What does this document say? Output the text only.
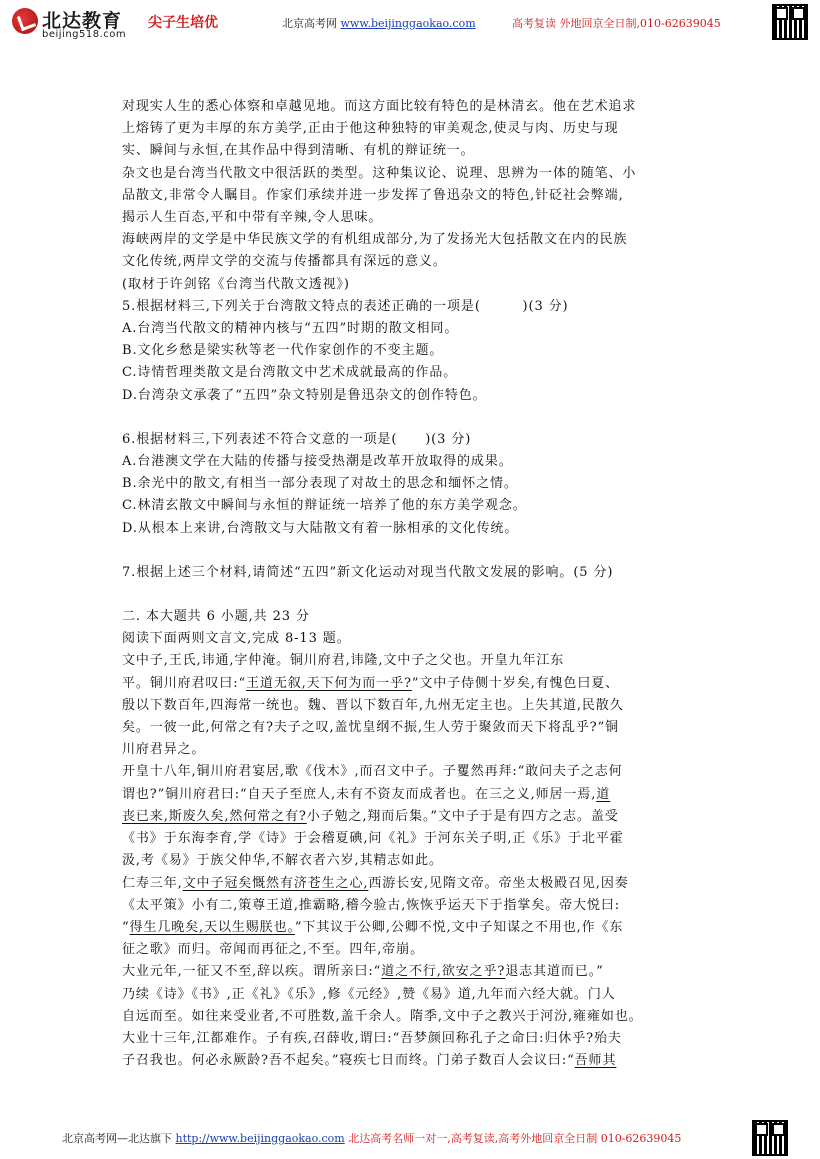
北达教育
beijing518.com
尖子生培优	北京高考网 www.beijinggaokao.com	高考复读 外地回京全日制,010-62639045

对现实人生的悉心体察和卓越见地。而这方面比较有特色的是林清玄。他在艺术追求

上熔铸了更为丰厚的东方美学,正由于他这种独特的审美观念,使灵与肉、历史与现

实、瞬间与永恒,在其作品中得到清晰、有机的辩证统一。

杂文也是台湾当代散文中很活跃的类型。这种集议论、说理、思辨为一体的随笔、小

品散文,非常令人瞩目。作家们承续并进一步发挥了鲁迅杂文的特色,针砭社会弊端,

揭示人生百态,平和中带有辛辣,令人思味。

海峡两岸的文学是中华民族文学的有机组成部分,为了发扬光大包括散文在内的民族

文化传统,两岸文学的交流与传播都具有深远的意义。

(取材于许剑铭《台湾当代散文透视》)

5.根据材料三,下列关于台湾散文特点的表述正确的一项是(　　　)(3 分)

A.台湾当代散文的精神内核与“五四”时期的散文相同。

B.文化乡愁是梁实秋等老一代作家创作的不变主题。

C.诗情哲理类散文是台湾散文中艺术成就最高的作品。

D.台湾杂文承袭了“五四”杂文特别是鲁迅杂文的创作特色。

6.根据材料三,下列表述不符合文意的一项是(　　)(3 分)

A.台港澳文学在大陆的传播与接受热潮是改革开放取得的成果。

B.余光中的散文,有相当一部分表现了对故土的思念和缅怀之情。

C.林清玄散文中瞬间与永恒的辩证统一培养了他的东方美学观念。

D.从根本上来讲,台湾散文与大陆散文有着一脉相承的文化传统。

7.根据上述三个材料,请简述“五四”新文化运动对现当代散文发展的影响。(5 分)

二. 本大题共 6 小题,共 23 分

阅读下面两则文言文,完成 8-13 题。

文中子,王氏,讳通,字仲淹。铜川府君,讳隆,文中子之父也。开皇九年江东

平。铜川府君叹曰:“王道无叙,天下何为而一乎?”文中子侍侧十岁矣,有愧色曰夏、

殷以下数百年,四海常一统也。魏、晋以下数百年,九州无定主也。上失其道,民散久

矣。一彼一此,何常之有?夫子之叹,盖忧皇纲不振,生人劳于聚敛而天下将乱乎?”铜

川府君异之。

开皇十八年,铜川府君宴居,歌《伐木》,而召文中子。子矍然再拜:“敢问夫子之志何

谓也?”铜川府君曰:“自天子至庶人,未有不资友而成者也。在三之义,师居一焉,道

丧已来,斯废久矣,然何常之有?小子勉之,翔而后集。”文中子于是有四方之志。盖受

《书》于东海李育,学《诗》于会稽夏碘,问《礼》于河东关子明,正《乐》于北平霍

汲,考《易》于族父仲华,不解衣者六岁,其精志如此。

仁寿三年,文中子冠矣慨然有济苍生之心,西游长安,见隋文帝。帝坐太极殿召见,因奏

《太平策》小有二,策尊王道,推霸略,稽今验古,恢恢乎运天下于指掌矣。帝大悦曰:

“得生几晚矣,天以生赐朕也。”下其议于公卿,公卿不悦,文中子知谋之不用也,作《东

征之歌》而归。帝闻而再征之,不至。四年,帝崩。

大业元年,一征又不至,辞以疾。谓所亲曰:“道之不行,欲安之乎?退志其道而已。”

乃续《诗》《书》,正《礼》《乐》,修《元经》,赞《易》道,九年而六经大就。门人

自远而至。如往来受业者,不可胜数,盖千余人。隋季,文中子之教兴于河汾,雍雍如也。

大业十三年,江都难作。子有疾,召薛收,谓曰:“吾梦颜回称孔子之命曰:归休乎?殆夫

子召我也。何必永厥龄?吾不起矣。”寝疾七日而终。门弟子数百人会议曰:“吾师其

北京高考网—北达旗下 http://www.beijinggaokao.com 北达高考名师一对一,高考复读,高考外地回京全日制 010-62639045
